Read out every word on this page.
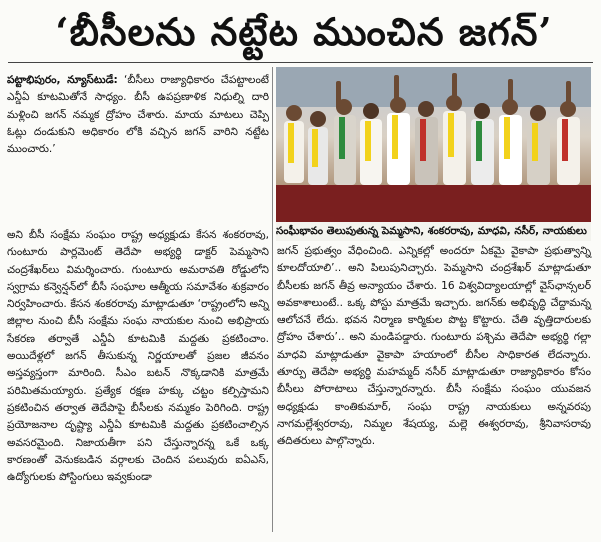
‘బీసీలను నట్టేట ముంచిన జగన్’

పట్టాభిపురం, న్యూస్‌టుడే: ‘బీసీలు రాజ్యాధికారం చేపట్టాలంటే ఎన్డీఏ కూటమితోనే సాధ్యం. బీసీ ఉపప్రణాళిక నిధుల్ని దారి మళ్లించి జగన్ నమ్మక ద్రోహం చేశారు. మాయ మాటలు చెప్పి ఓట్లు దండుకుని అధికారం లోకి వచ్చిన జగన్ వారిని నట్టేట ముంచారు.’

అని బీసీ సంక్షేమ సంఘం రాష్ట్ర అధ్యక్షుడు కేసన శంకరరావు, గుంటూరు పార్లమెంట్ తెదేపా అభ్యర్థి డాక్టర్ పెమ్మసాని చంద్రశేఖర్‌లు విమర్శించారు. గుంటూరు అమరావతి రోడ్డులోని స్వగ్రామ కన్వెన్షన్‌లో బీసీ సంఘాల ఆత్మీయ సమావేశం శుక్రవారం నిర్వహించారు. కేసన శంకరరావు మాట్లాడుతూ ‘రాష్ట్రంలోని అన్ని జిల్లాల నుంచి బీసీ సంక్షేమ సంఘ నాయకుల నుంచి అభిప్రాయ సేకరణ తర్వాతే ఎన్డీఏ కూటమికి మద్దతు ప్రకటించాం. అయిదేళ్లలో జగన్ తీసుకున్న నిర్ణయాలతో ప్రజల జీవనం అస్తవ్యస్తంగా మారింది. సీఎం బటన్ నొక్కడానికి మాత్రమే పరిమితమయ్యారు. ప్రత్యేక రక్షణ హక్కు చట్టం కల్పిస్తామని ప్రకటించిన తర్వాత తెదేపాపై బీసీలకు నమ్మకం పెరిగింది. రాష్ట్ర ప్రయోజనాల దృష్ట్యా ఎన్డీఏ కూటమికి మద్దతు ప్రకటించాల్సిన అవసరమైంది. నిజాయతీగా పని చేస్తున్నారన్న ఒకే ఒక్క కారణంతో వెనుకబడిన వర్గాలకు చెందిన పలువురు ఐఏఎస్, ఉద్యోగులకు పోస్టింగులు ఇవ్వకుండా

సంఘీభావం తెలుపుతున్న పెమ్మసాని, శంకరరావు, మాధవి, నసీర్, నాయకులు

జగన్ ప్రభుత్వం వేధించింది. ఎన్నికల్లో అందరూ ఏకమై వైకాపా ప్రభుత్వాన్ని కూలదోయాలి’.. అని పిలుపునిచ్చారు. పెమ్మసాని చంద్రశేఖర్ మాట్లాడుతూ బీసీలకు జగన్ తీవ్ర అన్యాయం చేశారు. 16 విశ్వవిద్యాలయాల్లో వైస్‌ఛాన్సలర్ అవకాశాలుంటే.. ఒక్క పోస్టు మాత్రమే ఇచ్చారు. జగన్‌కు అభివృద్ధి చేద్దామన్న ఆలోచనే లేదు. భవన నిర్మాణ కార్మికుల పొట్ట కొట్టారు. చేతి వృత్తిదారులకు ద్రోహం చేశారు’.. అని మండిపడ్డారు. గుంటూరు పశ్చిమ తెదేపా అభ్యర్థి గల్లా మాధవి మాట్లాడుతూ వైకాపా హయాంలో బీసీల సాధికారత లేదన్నారు. తూర్పు తెదేపా అభ్యర్థి మహమ్మద్ నసీర్ మాట్లాడుతూ రాజ్యాధికారం కోసం బీసీలు పోరాటాలు చేస్తున్నారన్నారు. బీసీ సంక్షేమ సంఘం యువజన అధ్యక్షుడు కాంతికుమార్, సంఘ రాష్ట్ర నాయకులు అన్నవరపు నాగమల్లేశ్వరరావు, నిమ్మల శేషయ్య, మల్లె ఈశ్వరరావు, శ్రీనివాసరావు తదితరులు పాల్గొన్నారు.
